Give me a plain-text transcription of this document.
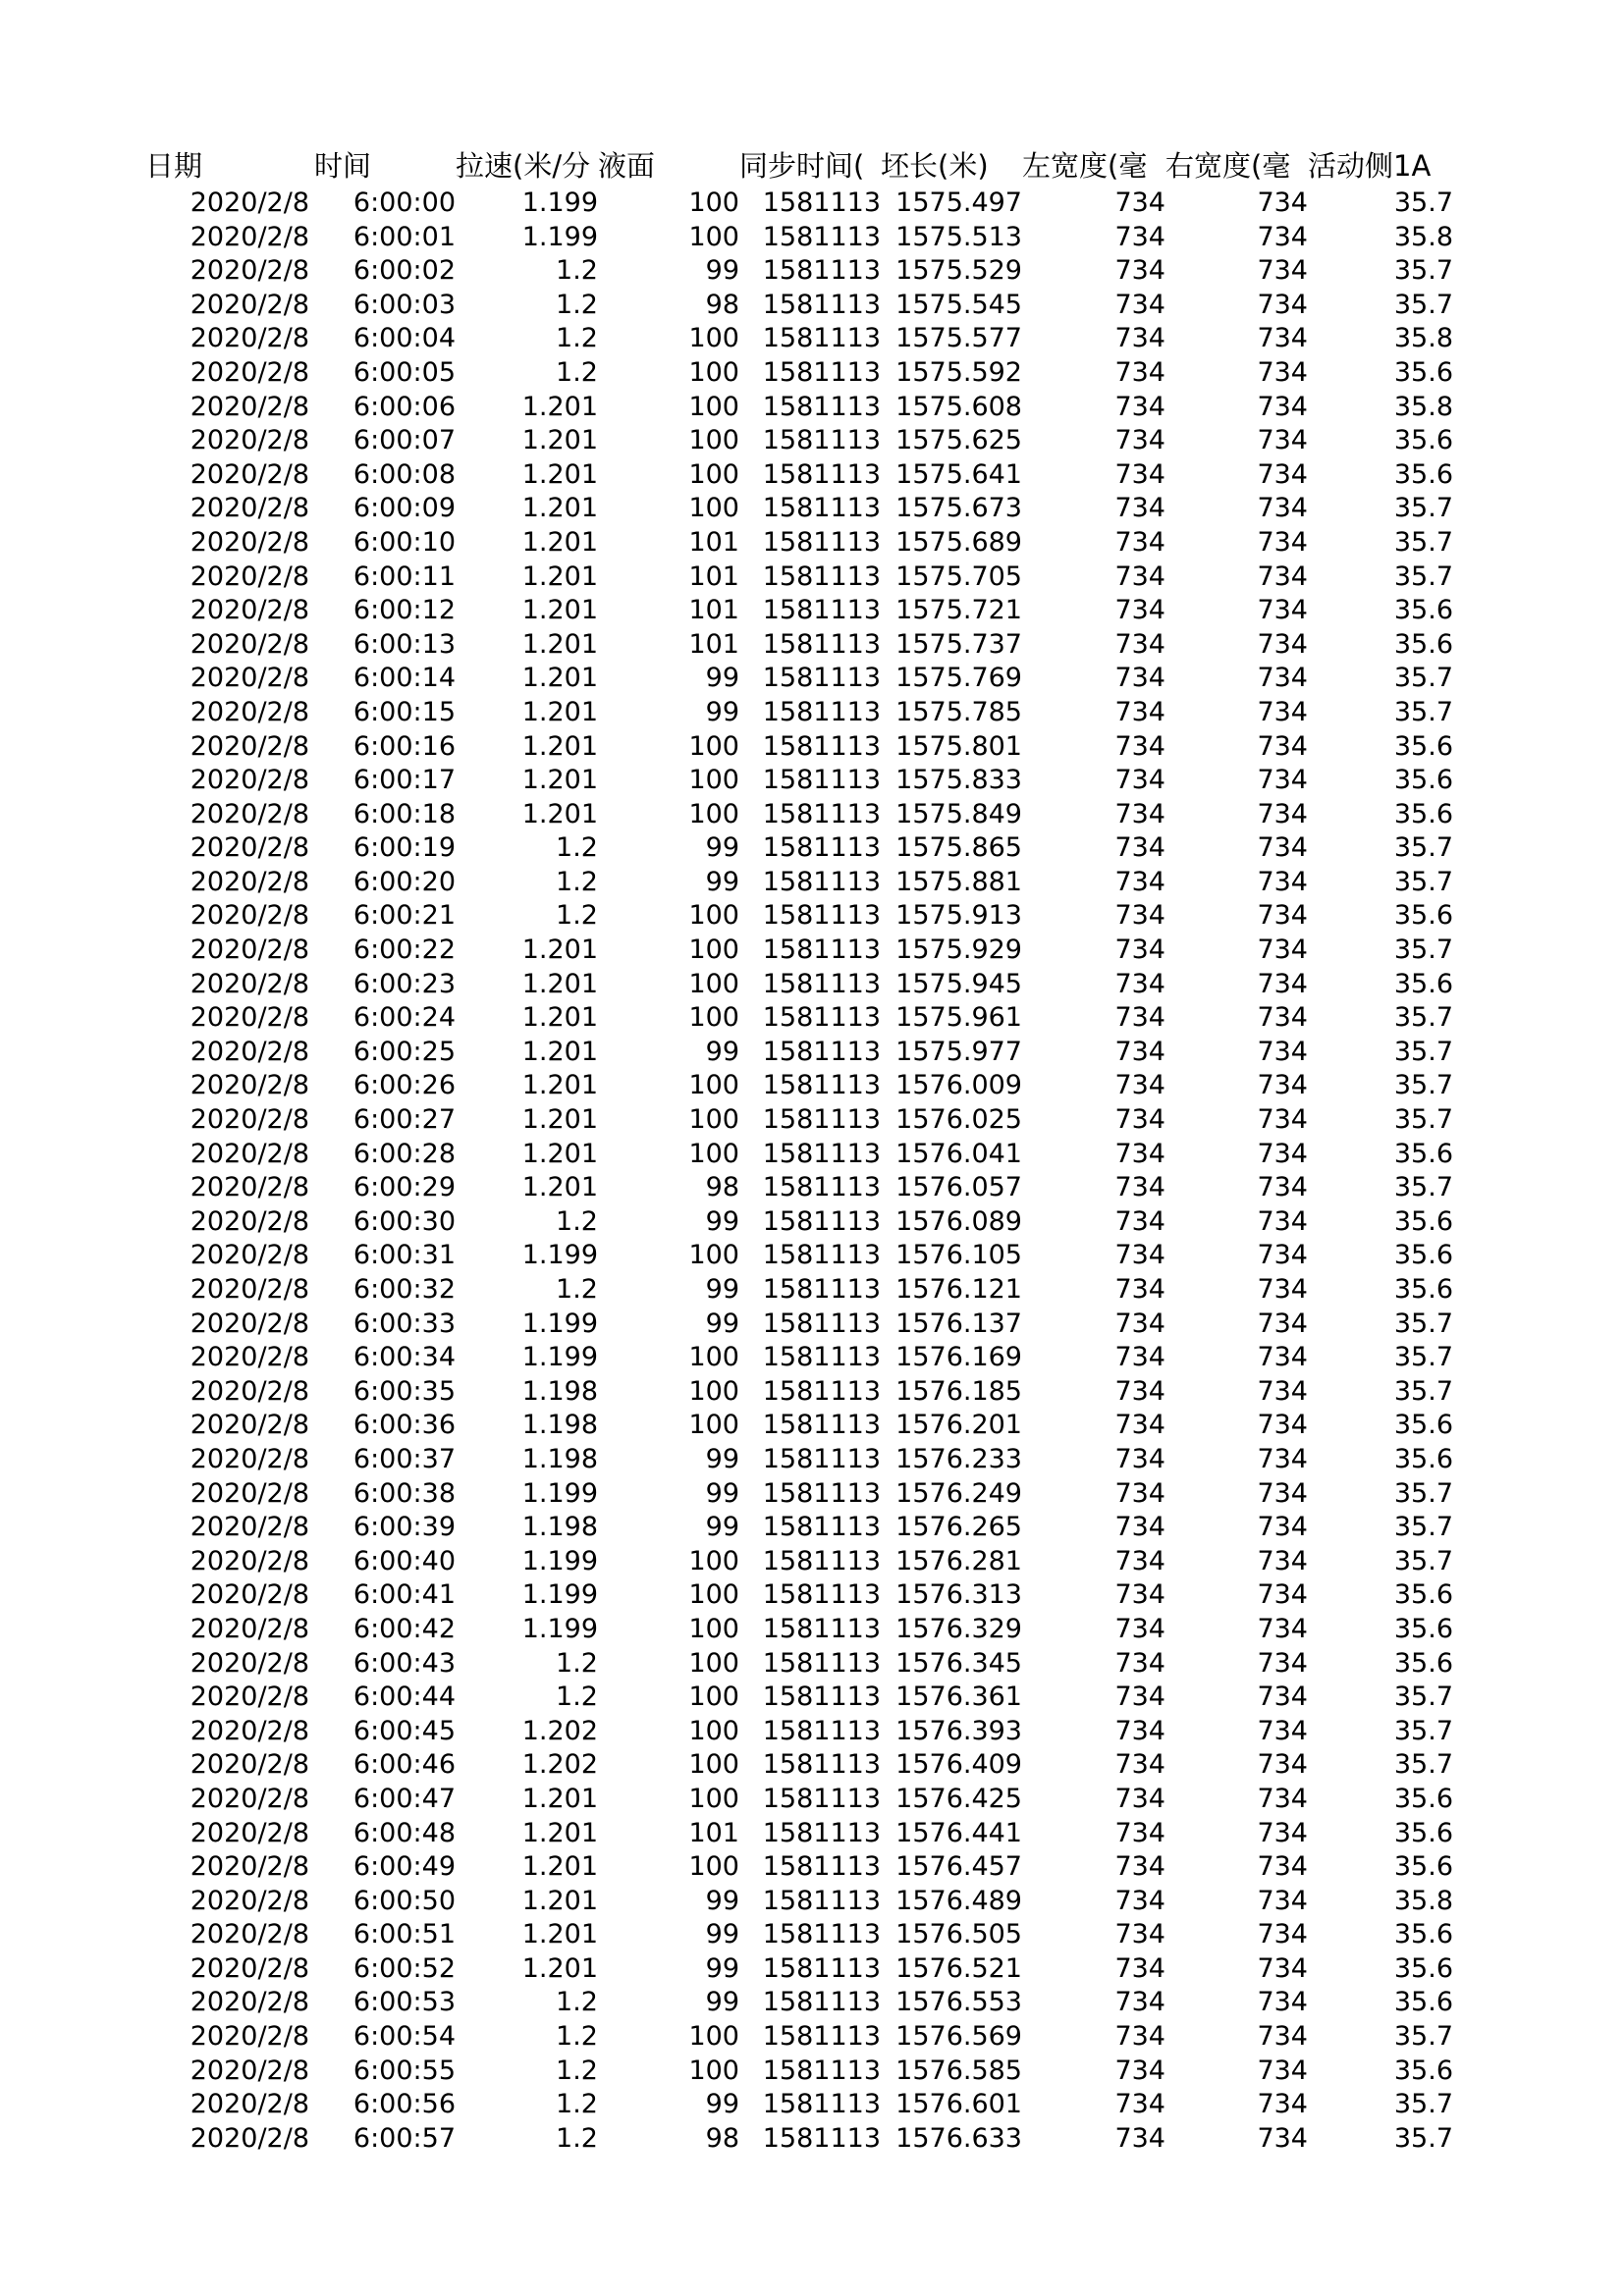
日期	时间	拉速(米/分 液面	同步时间( 坯长(米)	左宽度(毫 右宽度(毫 活动侧1A
2020/2/8	6:00:00	1.199	100 1581113 1575.497	734	734	35.7
2020/2/8	6:00:01	1.199	100 1581113 1575.513	734	734	35.8
2020/2/8	6:00:02	1.2	99 1581113 1575.529	734	734	35.7
2020/2/8	6:00:03	1.2	98 1581113 1575.545	734	734	35.7
2020/2/8	6:00:04	1.2	100 1581113 1575.577	734	734	35.8
2020/2/8	6:00:05	1.2	100 1581113 1575.592	734	734	35.6
2020/2/8	6:00:06	1.201	100 1581113 1575.608	734	734	35.8
2020/2/8	6:00:07	1.201	100 1581113 1575.625	734	734	35.6
2020/2/8	6:00:08	1.201	100 1581113 1575.641	734	734	35.6
2020/2/8	6:00:09	1.201	100 1581113 1575.673	734	734	35.7
2020/2/8	6:00:10	1.201	101 1581113 1575.689	734	734	35.7
2020/2/8	6:00:11	1.201	101 1581113 1575.705	734	734	35.7
2020/2/8	6:00:12	1.201	101 1581113 1575.721	734	734	35.6
2020/2/8	6:00:13	1.201	101 1581113 1575.737	734	734	35.6
2020/2/8	6:00:14	1.201	99 1581113 1575.769	734	734	35.7
2020/2/8	6:00:15	1.201	99 1581113 1575.785	734	734	35.7
2020/2/8	6:00:16	1.201	100 1581113 1575.801	734	734	35.6
2020/2/8	6:00:17	1.201	100 1581113 1575.833	734	734	35.6
2020/2/8	6:00:18	1.201	100 1581113 1575.849	734	734	35.6
2020/2/8	6:00:19	1.2	99 1581113 1575.865	734	734	35.7
2020/2/8	6:00:20	1.2	99 1581113 1575.881	734	734	35.7
2020/2/8	6:00:21	1.2	100 1581113 1575.913	734	734	35.6
2020/2/8	6:00:22	1.201	100 1581113 1575.929	734	734	35.7
2020/2/8	6:00:23	1.201	100 1581113 1575.945	734	734	35.6
2020/2/8	6:00:24	1.201	100 1581113 1575.961	734	734	35.7
2020/2/8	6:00:25	1.201	99 1581113 1575.977	734	734	35.7
2020/2/8	6:00:26	1.201	100 1581113 1576.009	734	734	35.7
2020/2/8	6:00:27	1.201	100 1581113 1576.025	734	734	35.7
2020/2/8	6:00:28	1.201	100 1581113 1576.041	734	734	35.6
2020/2/8	6:00:29	1.201	98 1581113 1576.057	734	734	35.7
2020/2/8	6:00:30	1.2	99 1581113 1576.089	734	734	35.6
2020/2/8	6:00:31	1.199	100 1581113 1576.105	734	734	35.6
2020/2/8	6:00:32	1.2	99 1581113 1576.121	734	734	35.6
2020/2/8	6:00:33	1.199	99 1581113 1576.137	734	734	35.7
2020/2/8	6:00:34	1.199	100 1581113 1576.169	734	734	35.7
2020/2/8	6:00:35	1.198	100 1581113 1576.185	734	734	35.7
2020/2/8	6:00:36	1.198	100 1581113 1576.201	734	734	35.6
2020/2/8	6:00:37	1.198	99 1581113 1576.233	734	734	35.6
2020/2/8	6:00:38	1.199	99 1581113 1576.249	734	734	35.7
2020/2/8	6:00:39	1.198	99 1581113 1576.265	734	734	35.7
2020/2/8	6:00:40	1.199	100 1581113 1576.281	734	734	35.7
2020/2/8	6:00:41	1.199	100 1581113 1576.313	734	734	35.6
2020/2/8	6:00:42	1.199	100 1581113 1576.329	734	734	35.6
2020/2/8	6:00:43	1.2	100 1581113 1576.345	734	734	35.6
2020/2/8	6:00:44	1.2	100 1581113 1576.361	734	734	35.7
2020/2/8	6:00:45	1.202	100 1581113 1576.393	734	734	35.7
2020/2/8	6:00:46	1.202	100 1581113 1576.409	734	734	35.7
2020/2/8	6:00:47	1.201	100 1581113 1576.425	734	734	35.6
2020/2/8	6:00:48	1.201	101 1581113 1576.441	734	734	35.6
2020/2/8	6:00:49	1.201	100 1581113 1576.457	734	734	35.6
2020/2/8	6:00:50	1.201	99 1581113 1576.489	734	734	35.8
2020/2/8	6:00:51	1.201	99 1581113 1576.505	734	734	35.6
2020/2/8	6:00:52	1.201	99 1581113 1576.521	734	734	35.6
2020/2/8	6:00:53	1.2	99 1581113 1576.553	734	734	35.6
2020/2/8	6:00:54	1.2	100 1581113 1576.569	734	734	35.7
2020/2/8	6:00:55	1.2	100 1581113 1576.585	734	734	35.6
2020/2/8	6:00:56	1.2	99 1581113 1576.601	734	734	35.7
2020/2/8	6:00:57	1.2	98 1581113 1576.633	734	734	35.7
